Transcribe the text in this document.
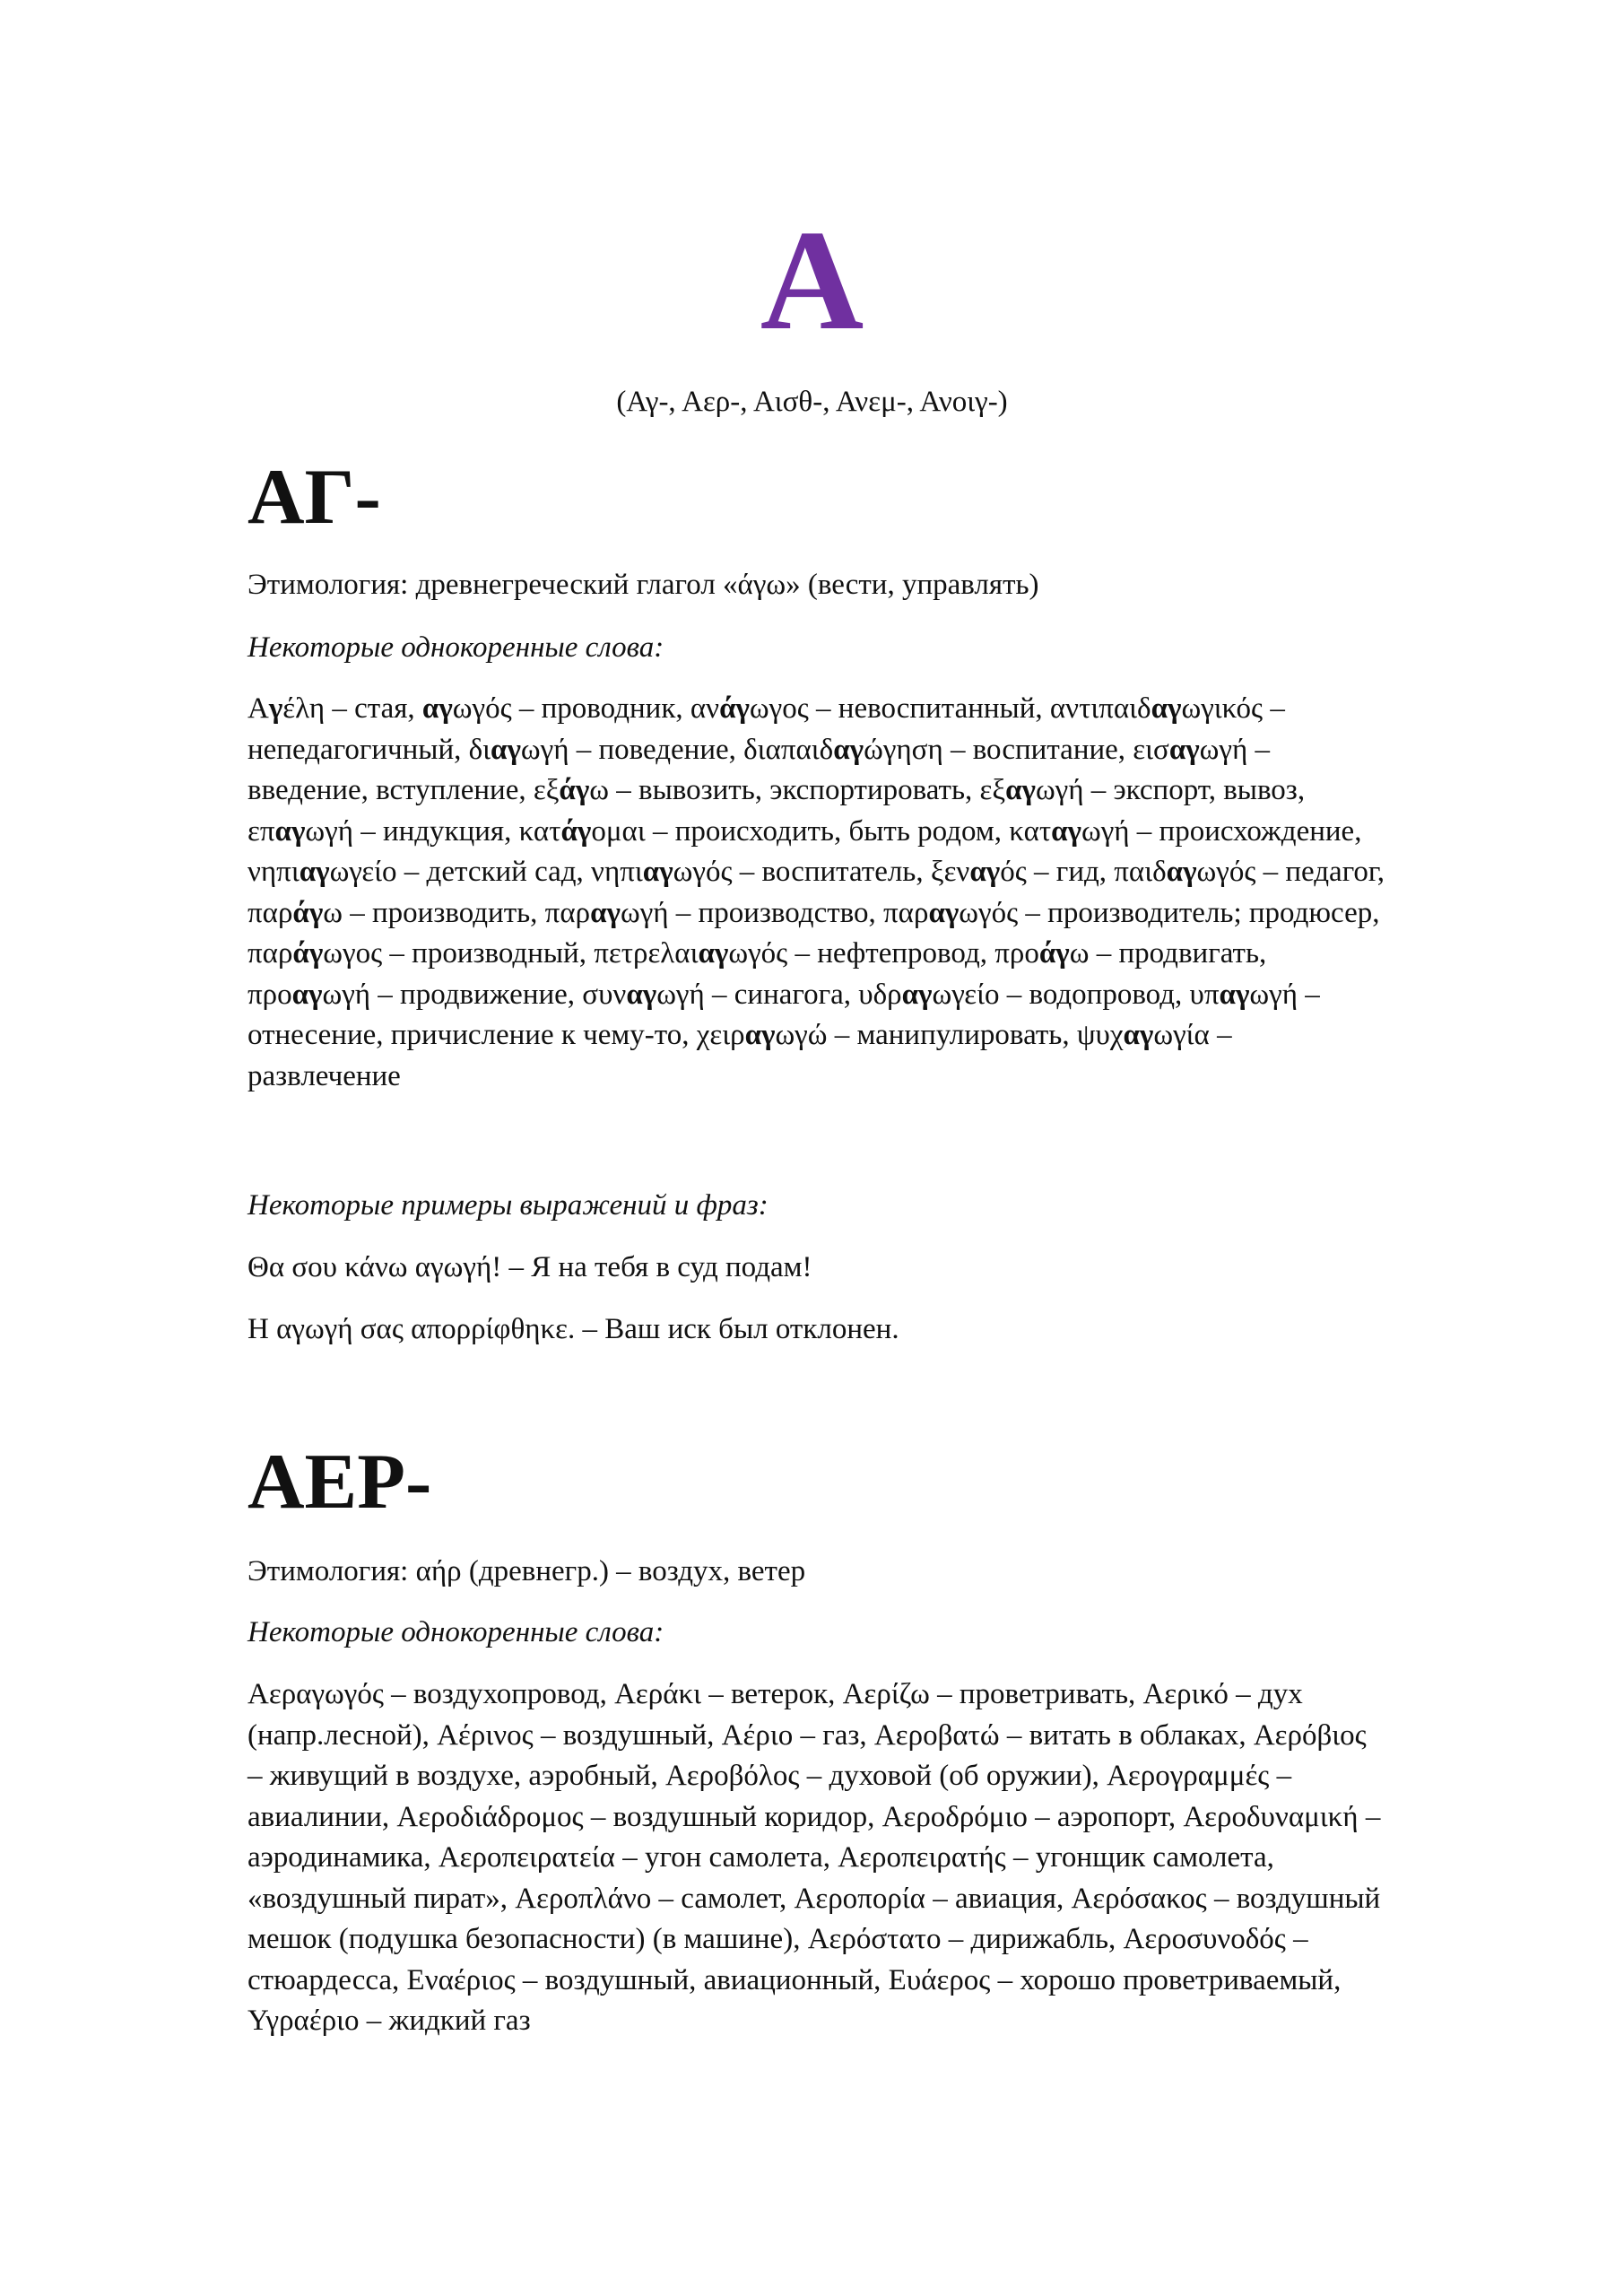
Α
(Αγ-, Αερ-, Αισθ-, Ανεμ-, Ανοιγ-)
ΑΓ-

Этимология: древнегреческий глагол «άγω» (вести, управлять)

Некоторые однокоренные слова:

Αγέλη – стая, αγωγός – проводник, ανάγωγος – невоспитанный, αντιπαιδαγωγικός – непедагогичный, διαγωγή – поведение, διαπαιδαγώγηση – воспитание, εισαγωγή – введение, вступление, εξάγω – вывозить, экспортировать, εξαγωγή – экспорт, вывоз, επαγωγή – индукция, κατάγομαι – происходить, быть родом, καταγωγή – происхождение, νηπιαγωγείο – детский сад, νηπιαγωγός – воспитатель, ξεναγός – гид, παιδαγωγός – педагог, παράγω – производить, παραγωγή – производство, παραγωγός – производитель; продюсер, παράγωγος – производный, πετρελαιαγωγός – нефтепровод, προάγω – продвигать, προαγωγή – продвижение, συναγωγή – синагога, υδραγωγείο – водопровод, υπαγωγή – отнесение, причисление к чему-то, χειραγωγώ – манипулировать, ψυχαγωγία – развлечение

Некоторые примеры выражений и фраз:

Θα σου κάνω αγωγή! – Я на тебя в суд подам!

Η αγωγή σας απορρίφθηκε. – Ваш иск был отклонен.

ΑΕΡ-

Этимология: αήρ (древнегр.) – воздух, ветер

Некоторые однокоренные слова:

Αεραγωγός – воздухопровод, Αεράκι – ветерок, Αερίζω – проветривать, Αερικό – дух (напр.лесной), Αέρινος – воздушный, Αέριο – газ, Αεροβατώ – витать в облаках, Αερόβιος – живущий в воздухе, аэробный, Αεροβόλος – духовой (об оружии), Αερογραμμές – авиалинии, Αεροδιάδρομος – воздушный коридор, Αεροδρόμιο – аэропорт, Αεροδυναμική – аэродинамика, Αεροπειρατεία – угон самолета, Αεροπειρατής – угонщик самолета, «воздушный пират», Αεροπλάνο – самолет, Αεροπορία – авиация, Αερόσακος – воздушный мешок (подушка безопасности) (в машине), Αερόστατο – дирижабль, Αεροσυνοδός – стюардесса, Εναέριος – воздушный, авиационный, Ευάερος – хорошо проветриваемый, Υγραέριο – жидкий газ
